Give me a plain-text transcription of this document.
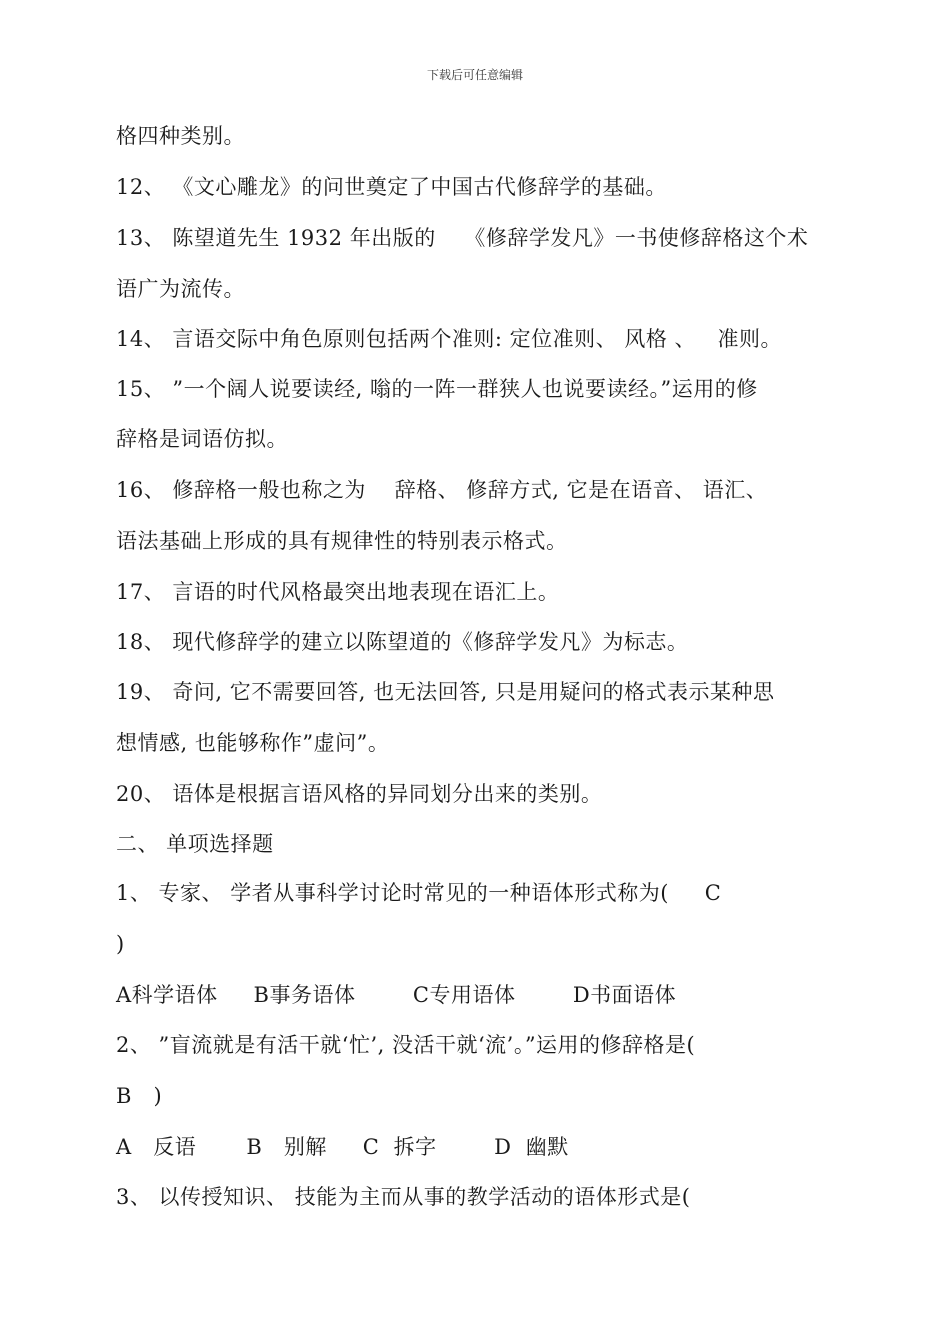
下载后可任意编辑
格四种类别。
12、 《文心雕龙》的问世奠定了中国古代修辞学的基础。
13、 陈望道先生 1932 年出版的    《修辞学发凡》一书使修辞格这个术
语广为流传。
14、 言语交际中角色原则包括两个准则: 定位准则、 风格 、   准则。
15、 ”一个阔人说要读经, 嗡的一阵一群狭人也说要读经。”运用的修
辞格是词语仿拟。
16、 修辞格一般也称之为    辞格、 修辞方式, 它是在语音、 语汇、
语法基础上形成的具有规律性的特别表示格式。
17、 言语的时代风格最突出地表现在语汇上。
18、 现代修辞学的建立以陈望道的《修辞学发凡》为标志。
19、 奇问, 它不需要回答, 也无法回答, 只是用疑问的格式表示某种思
想情感, 也能够称作”虚问”。
20、 语体是根据言语风格的异同划分出来的类别。
二、 单项选择题
1、 专家、 学者从事科学讨论时常见的一种语体形式称为(     C
)
A科学语体     B事务语体        C专用语体        D书面语体
2、 ”盲流就是有活干就‘忙’, 没活干就‘流’。”运用的修辞格是(
B   )
A   反语       B   别解     C  拆字        D  幽默
3、 以传授知识、 技能为主而从事的教学活动的语体形式是(
